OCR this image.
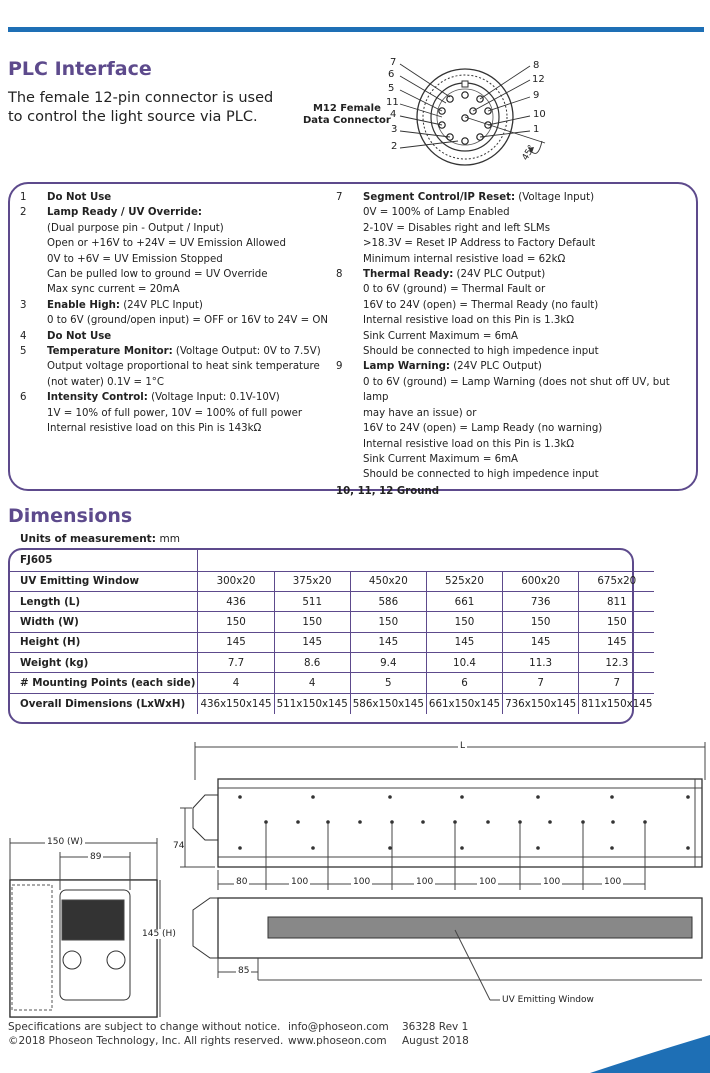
PLC Interface
The female 12-pin connector is used
to control the light source via PLC.
M12 Female
Data Connector
7
6
5
11
4
3
2
8
12
9
10
1
45°
1	Do Not Use
2	Lamp Ready / UV Override:
(Dual purpose pin - Output / Input)
Open or +16V to +24V = UV Emission Allowed
0V to +6V = UV Emission Stopped
Can be pulled low to ground = UV Override
Max sync current = 20mA
3	Enable High: (24V PLC Input)
0 to 6V (ground/open input) = OFF or 16V to 24V = ON
4	Do Not Use
5	Temperature Monitor: (Voltage Output: 0V to 7.5V)
Output voltage proportional to heat sink temperature
(not water) 0.1V = 1°C
6	Intensity Control: (Voltage Input: 0.1V-10V)
1V = 10% of full power, 10V = 100% of full power
Internal resistive load on this Pin is 143kΩ
7	Segment Control/IP Reset: (Voltage Input)
0V = 100% of Lamp Enabled
2-10V = Disables right and left SLMs
>18.3V = Reset IP Address to Factory Default
Minimum internal resistive load = 62kΩ
8	Thermal Ready: (24V PLC Output)
0 to 6V (ground) = Thermal Fault or
16V to 24V (open) = Thermal Ready (no fault)
Internal resistive load on this Pin is 1.3kΩ
Sink Current Maximum = 6mA
Should be connected to high impedence input
9	Lamp Warning: (24V PLC Output)
0 to 6V (ground) = Lamp Warning (does not shut off UV, but lamp
may have an issue) or
16V to 24V (open) = Lamp Ready (no warning)
Internal resistive load on this Pin is 1.3kΩ
Sink Current Maximum = 6mA
Should be connected to high impedence input
10, 11, 12 Ground
Dimensions
Units of measurement: mm
FJ605						
UV Emitting Window	300x20	375x20	450x20	525x20	600x20	675x20
Length (L)	436	511	586	661	736	811
Width (W)	150	150	150	150	150	150
Height (H)	145	145	145	145	145	145
Weight (kg)	7.7	8.6	9.4	10.4	11.3	12.3
# Mounting Points (each side)	4	4	5	6	7	7
Overall Dimensions (LxWxH)	436x150x145	511x150x145	586x150x145	661x150x145	736x150x145	811x150x145
L
74
150 (W)
89
145 (H)
85
UV Emitting Window
80	100	100	100	100	100	100
Specifications are subject to change without notice.
©2018 Phoseon Technology, Inc. All rights reserved.
info@phoseon.com
www.phoseon.com
36328 Rev 1
August 2018
